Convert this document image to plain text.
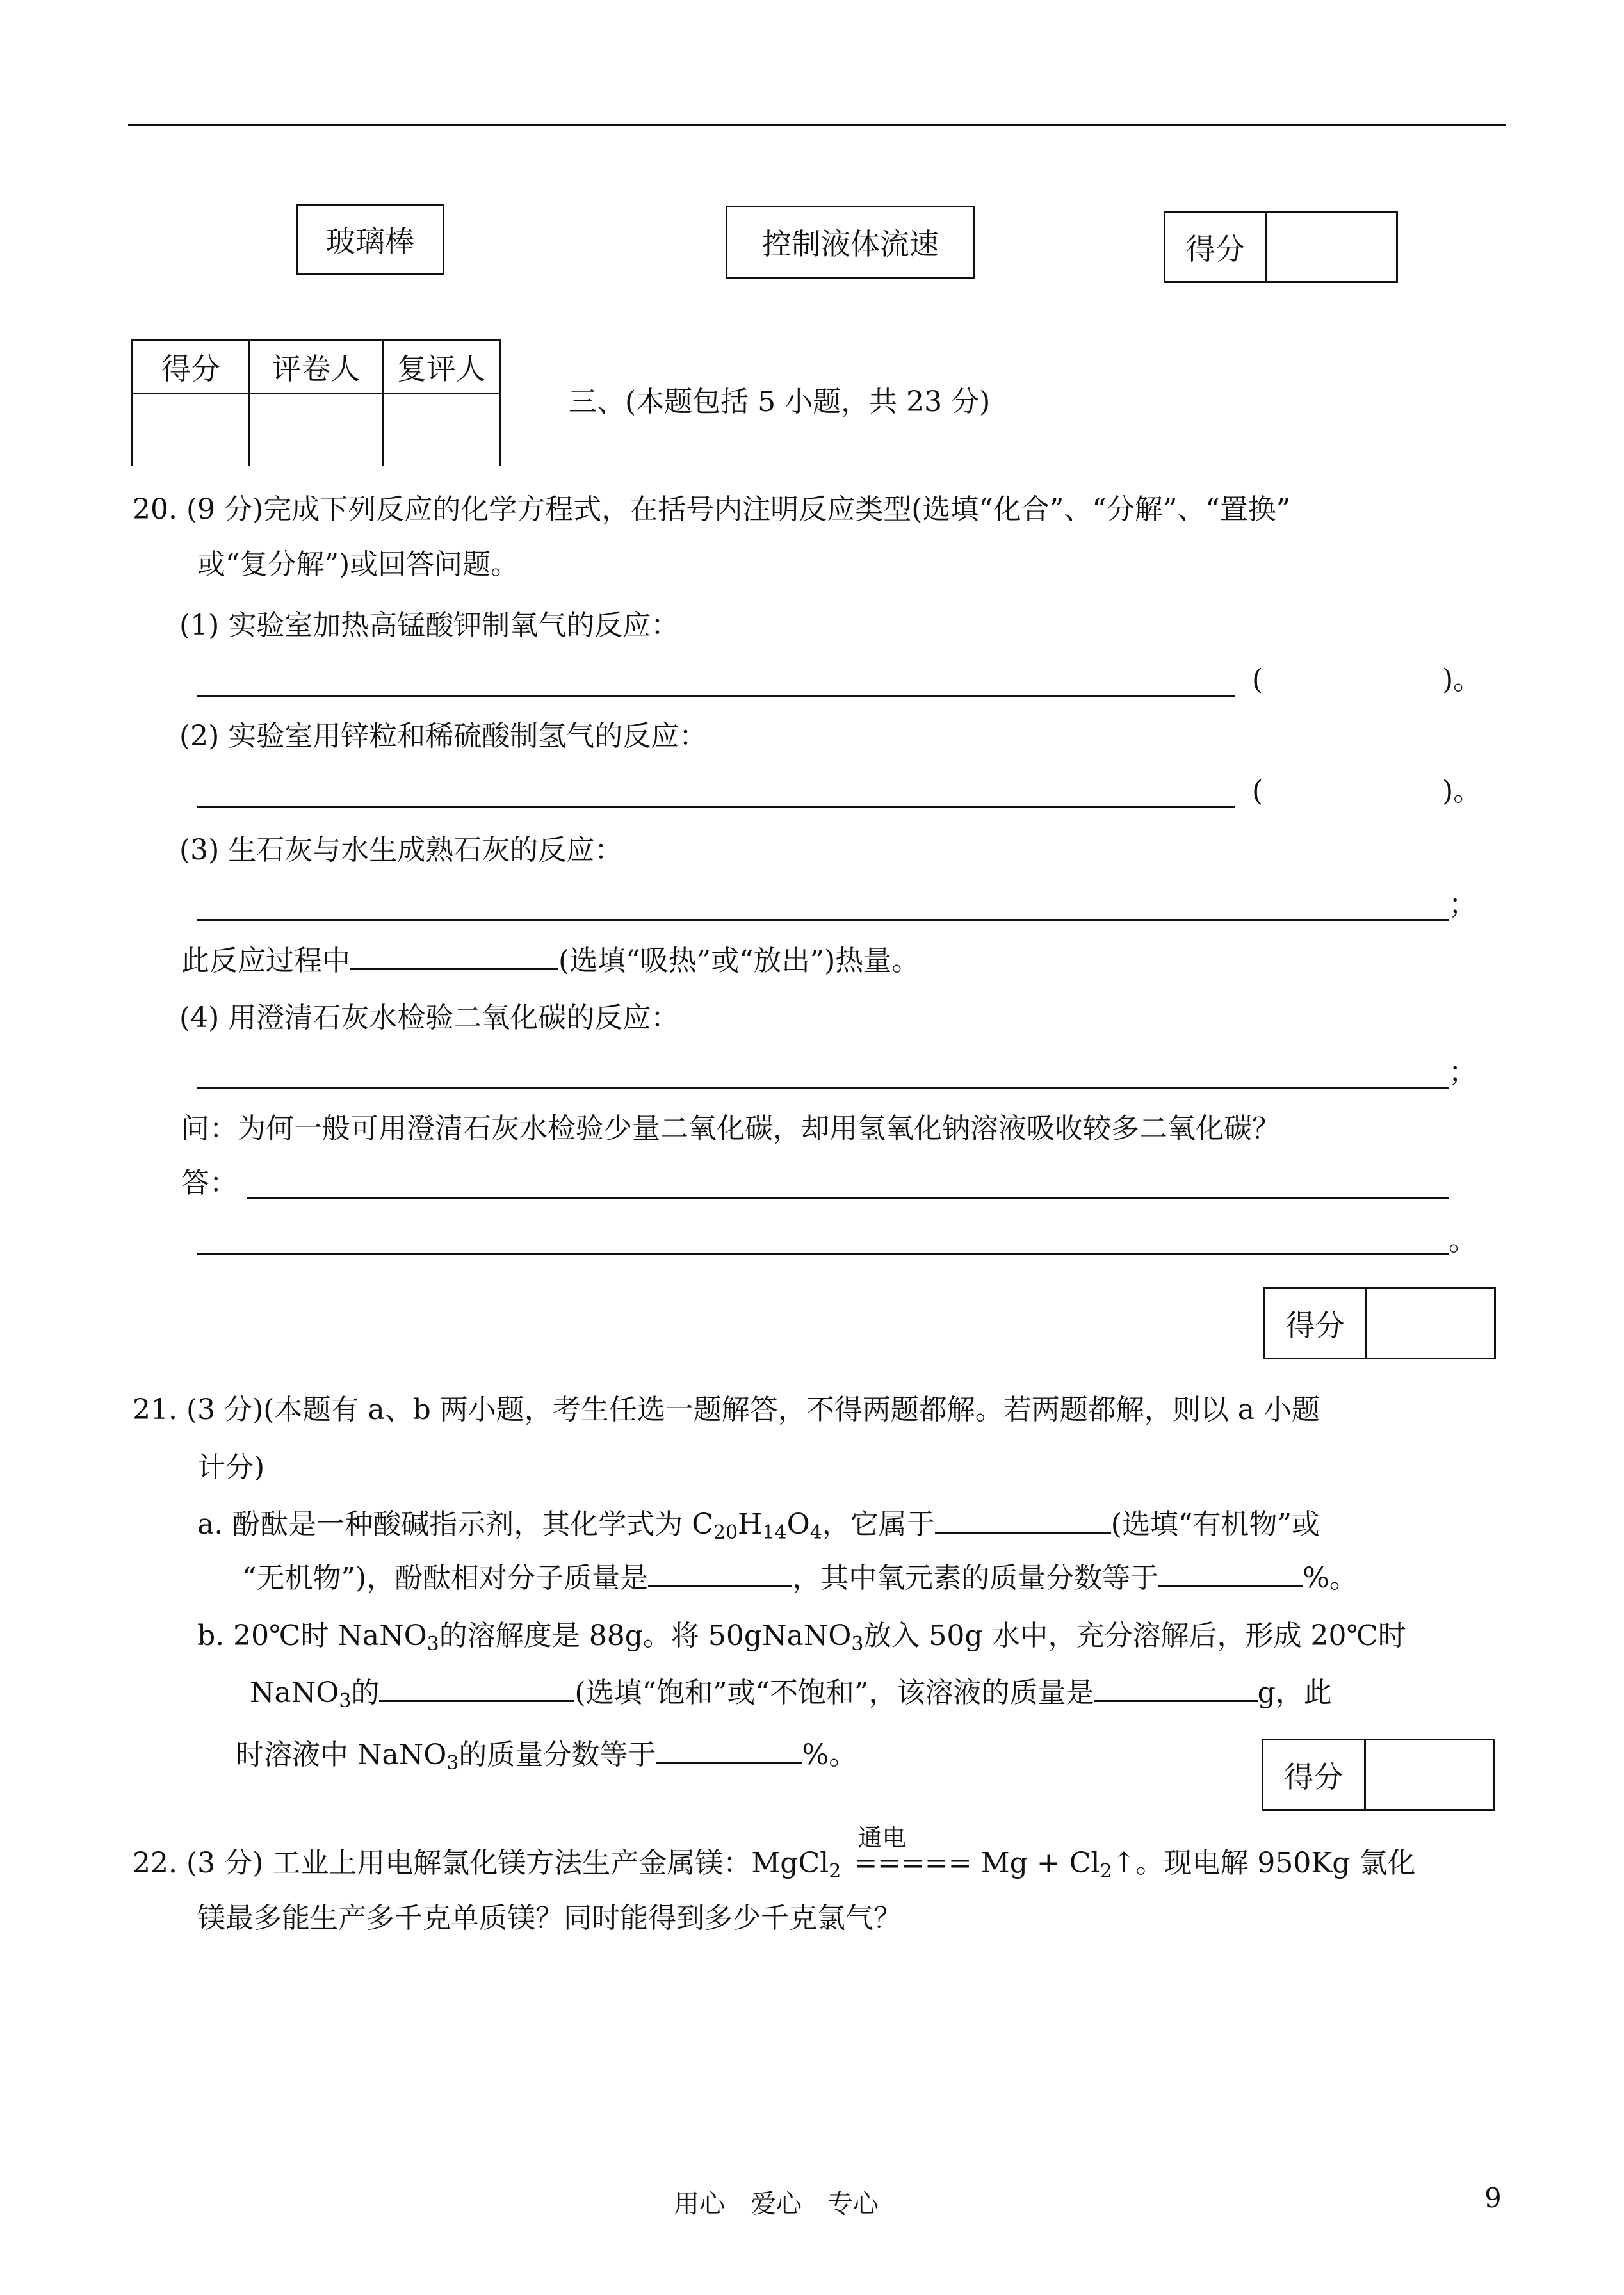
玻璃棒	控制液体流速	得分
得分	评卷人	复评人

三、(本题包括 5 小题，共 23 分)
20. (9 分)完成下列反应的化学方程式，在括号内注明反应类型(选填“化合”、“分解”、“置换”
或“复分解”)或回答问题。
(1) 实验室加热高锰酸钾制氧气的反应：
(	)。
(2) 实验室用锌粒和稀硫酸制氢气的反应：
(	)。
(3) 生石灰与水生成熟石灰的反应：
；
此反应过程中	(选填“吸热”或“放出”)热量。
(4) 用澄清石灰水检验二氧化碳的反应：
；
问：为何一般可用澄清石灰水检验少量二氧化碳，却用氢氧化钠溶液吸收较多二氧化碳？
答：
。
得分
21. (3 分)(本题有 a、b 两小题，考生任选一题解答，不得两题都解。若两题都解，则以 a 小题
计分)
a. 酚酞是一种酸碱指示剂，其化学式为 $C_{20}H_{14}O_4$，它属于	(选填“有机物”或
“无机物”)，酚酞相对分子质量是	，其中氧元素的质量分数等于	%。
b. 20℃时 NaNO$_3$的溶解度是 88g。将 50gNaNO$_3$放入 50g 水中，充分溶解后，形成 20℃时
NaNO$_3$的	(选填“饱和”或“不饱和”，该溶液的质量是	g，此
时溶液中 NaNO$_3$的质量分数等于	%。
得分
22. (3 分) 工业上用电解氯化镁方法生产金属镁：MgCl$_2$
通电
===== $Mg + Cl_2↑$。现电解 950Kg 氯化
镁最多能生产多千克单质镁？同时能得到多少千克氯气？
用心　爱心　专心	9
